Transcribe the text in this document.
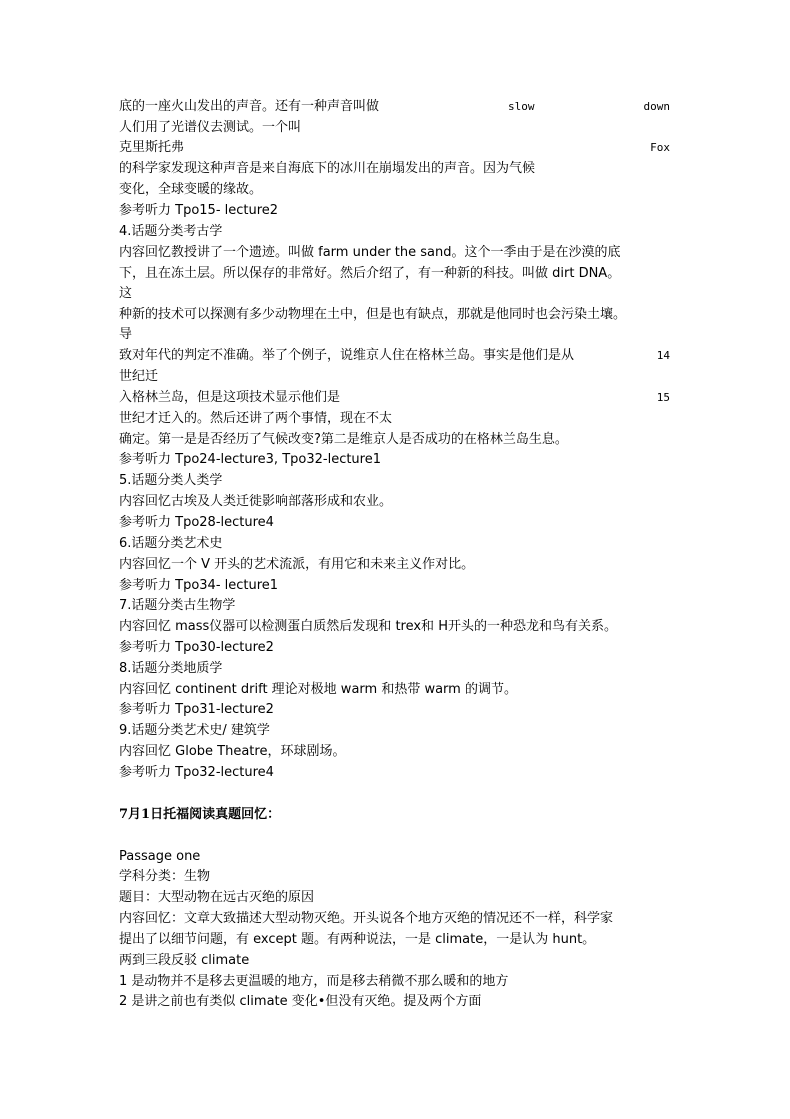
底的一座火山发出的声音。还有一种声音叫做	slow	down
人们用了光谱仪去测试。一个叫
克里斯托弗	Fox
的科学家发现这种声音是来自海底下的冰川在崩塌发出的声音。因为气候
变化，全球变暖的缘故。
参考听力 Tpo15- lecture2
4.话题分类考古学
内容回忆教授讲了一个遗迹。叫做 farm under the sand。这个一季由于是在沙漠的底
下，且在冻土层。所以保存的非常好。然后介绍了，有一种新的科技。叫做 dirt DNA。
这
种新的技术可以探测有多少动物埋在土中，但是也有缺点，那就是他同时也会污染土壤。
导
致对年代的判定不准确。举了个例子，说维京人住在格林兰岛。事实是他们是从	14
世纪迁
入格林兰岛，但是这项技术显示他们是	15
世纪才迁入的。然后还讲了两个事情，现在不太
确定。第一是是否经历了气候改变?第二是维京人是否成功的在格林兰岛生息。
参考听力 Tpo24-lecture3, Tpo32-lecture1
5.话题分类人类学
内容回忆古埃及人类迁徙影响部落形成和农业。
参考听力 Tpo28-lecture4
6.话题分类艺术史
内容回忆一个 V 开头的艺术流派，有用它和未来主义作对比。
参考听力 Tpo34- lecture1
7.话题分类古生物学
内容回忆 mass仪器可以检测蛋白质然后发现和 trex和 H开头的一种恐龙和鸟有关系。
参考听力 Tpo30-lecture2
8.话题分类地质学
内容回忆 continent drift 理论对极地 warm 和热带 warm 的调节。
参考听力 Tpo31-lecture2
9.话题分类艺术史/ 建筑学
内容回忆 Globe Theatre，环球剧场。
参考听力 Tpo32-lecture4
7月1日托福阅读真题回忆：
Passage one
学科分类：生物
题目：大型动物在远古灭绝的原因
内容回忆：文章大致描述大型动物灭绝。开头说各个地方灭绝的情况还不一样，科学家
提出了以细节问题，有 except 题。有两种说法，一是 climate，一是认为 hunt。
两到三段反驳 climate
1 是动物并不是移去更温暖的地方，而是移去稍微不那么暖和的地方
2 是讲之前也有类似 climate 变化•但没有灭绝。提及两个方面
